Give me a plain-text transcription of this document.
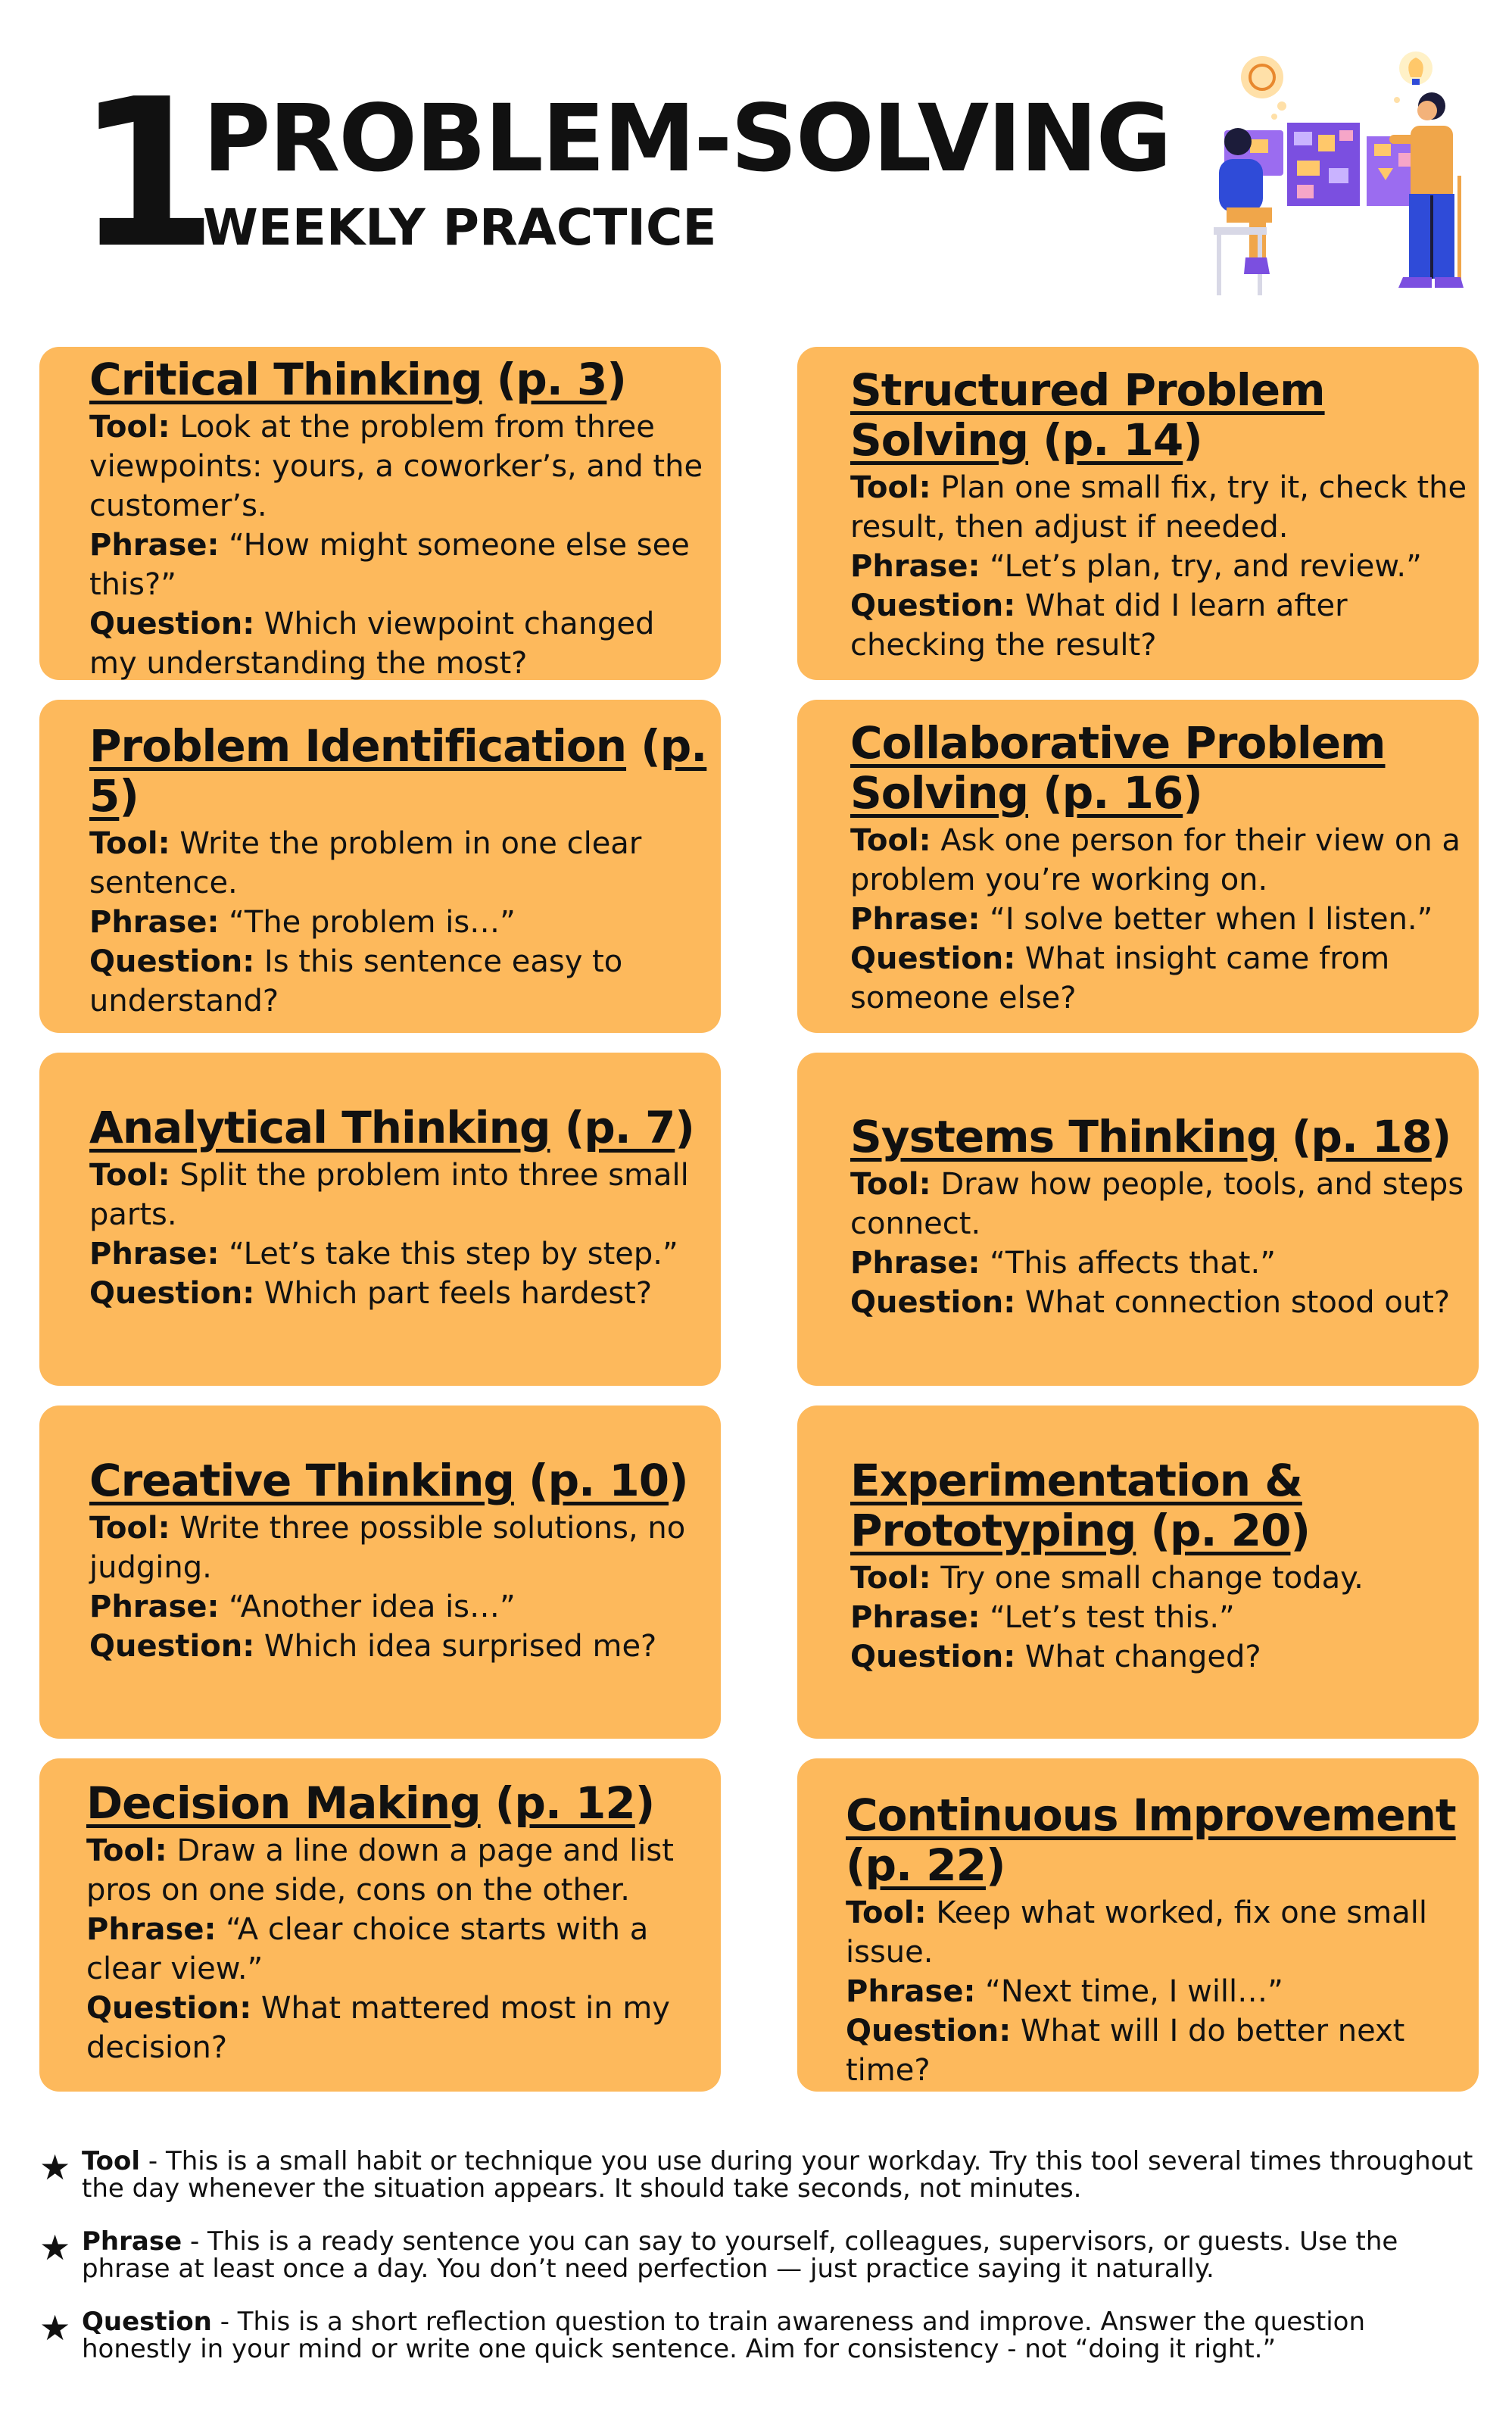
1
PROBLEM-SOLVING
WEEKLY PRACTICE
Critical Thinking (p. 3)

Tool: Look at the problem from three viewpoints: yours, a coworker’s, and the customer’s.

Phrase: “How might someone else see this?”

Question: Which viewpoint changed my understanding the most?

Structured Problem Solving (p. 14)

Tool: Plan one small fix, try it, check the result, then adjust if needed.

Phrase: “Let’s plan, try, and review.”

Question: What did I learn after checking the result?

Problem Identification (p. 5)

Tool: Write the problem in one clear sentence.

Phrase: “The problem is…”

Question: Is this sentence easy to understand?

Collaborative Problem Solving (p. 16)

Tool: Ask one person for their view on a problem you’re working on.

Phrase: “I solve better when I listen.”

Question: What insight came from someone else?

Analytical Thinking (p. 7)

Tool: Split the problem into three small parts.

Phrase: “Let’s take this step by step.”

Question: Which part feels hardest?

Systems Thinking (p. 18)

Tool: Draw how people, tools, and steps connect.

Phrase: “This affects that.”

Question: What connection stood out?

Creative Thinking (p. 10)

Tool: Write three possible solutions, no judging.

Phrase: “Another idea is…”

Question: Which idea surprised me?

Experimentation & Prototyping (p. 20)

Tool: Try one small change today.

Phrase: “Let’s test this.”

Question: What changed?

Decision Making (p. 12)

Tool: Draw a line down a page and list pros on one side, cons on the other.

Phrase: “A clear choice starts with a clear view.”

Question: What mattered most in my decision?

Continuous Improvement (p. 22)

Tool: Keep what worked, fix one small issue.

Phrase: “Next time, I will…”

Question: What will I do better next time?

★ Tool - This is a small habit or technique you use during your workday. Try this tool several times throughout the day whenever the situation appears. It should take seconds, not minutes.
★ Phrase - This is a ready sentence you can say to yourself, colleagues, supervisors, or guests. Use the phrase at least once a day. You don’t need perfection — just practice saying it naturally.
★ Question - This is a short reflection question to train awareness and improve. Answer the question honestly in your mind or write one quick sentence. Aim for consistency - not “doing it right.”
